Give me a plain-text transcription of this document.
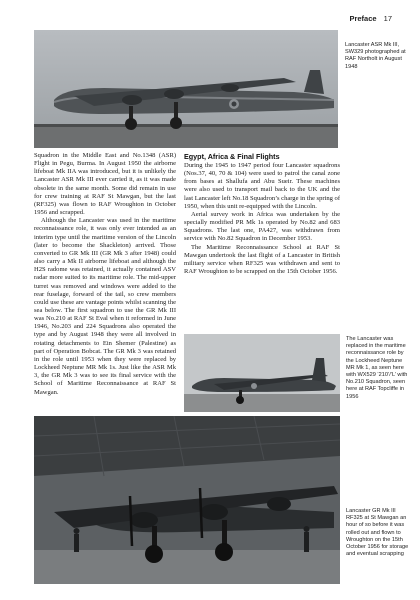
Preface 17
Lancaster ASR Mk III, SW329 photographed at RAF Northolt in August 1948

Squadron in the Middle East and No.1348 (ASR) Flight in Pegu, Burma. In August 1950 the airborne lifeboat Mk IIA was introduced, but it is unlikely the Lancaster ASR Mk III ever carried it, as it was made obsolete in the same month. Some did remain in use for crew training at RAF St Mawgan, but the last (RF325) was flown to RAF Wroughton in October 1956 and scrapped.

Although the Lancaster was used in the maritime reconnaissance role, it was only ever intended as an interim type until the maritime version of the Lincoln (later to become the Shackleton) arrived. Those converted to GR Mk III (GR Mk 3 after 1948) could also carry a Mk II airborne lifeboat and although the H2S radome was retained, it actually contained ASV radar more suited to its maritime role. The mid-upper turret was removed and windows were added to the rear fuselage, forward of the tail, so crew members could use these are vantage points whilst scanning the sea below. The first squadron to use the GR Mk III was No.210 at RAF St Eval when it reformed in June 1946, No.203 and 224 Squadrons also operated the type and by August 1948 they were all involved in rotating detachments to Ein Shemer (Palestine) as part of Operation Bobcat. The GR Mk 3 was retained in the role until 1953 when they were replaced by Lockheed Neptune MR Mk 1s. Just like the ASR Mk 3, the GR Mk 3 was to see its final service with the School of Maritime Reconnaissance at RAF St Mawgan.

Egypt, Africa & Final Flights

During the 1945 to 1947 period four Lancaster squadrons (Nos.37, 40, 70 & 104) were used to patrol the canal zone from bases at Shallufa and Abu Sueir. These machines were also used to transport mail back to the UK and the last Lancaster left No.18 Squadron’s charge in the spring of 1950, when this unit re-equipped with the Lincoln.

Aerial survey work in Africa was undertaken by the specially modified PR Mk 1s operated by No.82 and 683 Squadrons. The last one, PA427, was withdrawn from service with No.82 Squadron in December 1953.

The Maritime Reconnaissance School at RAF St Mawgan undertook the last flight of a Lancaster in British military service when RF325 was withdrawn and sent to RAF Wroughton to be scrapped on the 15th October 1956.

The Lancaster was replaced in the maritime reconnaissance role by the Lockheed Neptune MR Mk 1, as seen here with WX529 ‘210’/‘L’ with No.210 Squadron, seen here at RAF Topcliffe in 1956
Lancaster GR Mk III RF325 at St Mawgan an hour of so before it was rolled out and flown to Wroughton on the 15th October 1956 for storage and eventual scrapping
